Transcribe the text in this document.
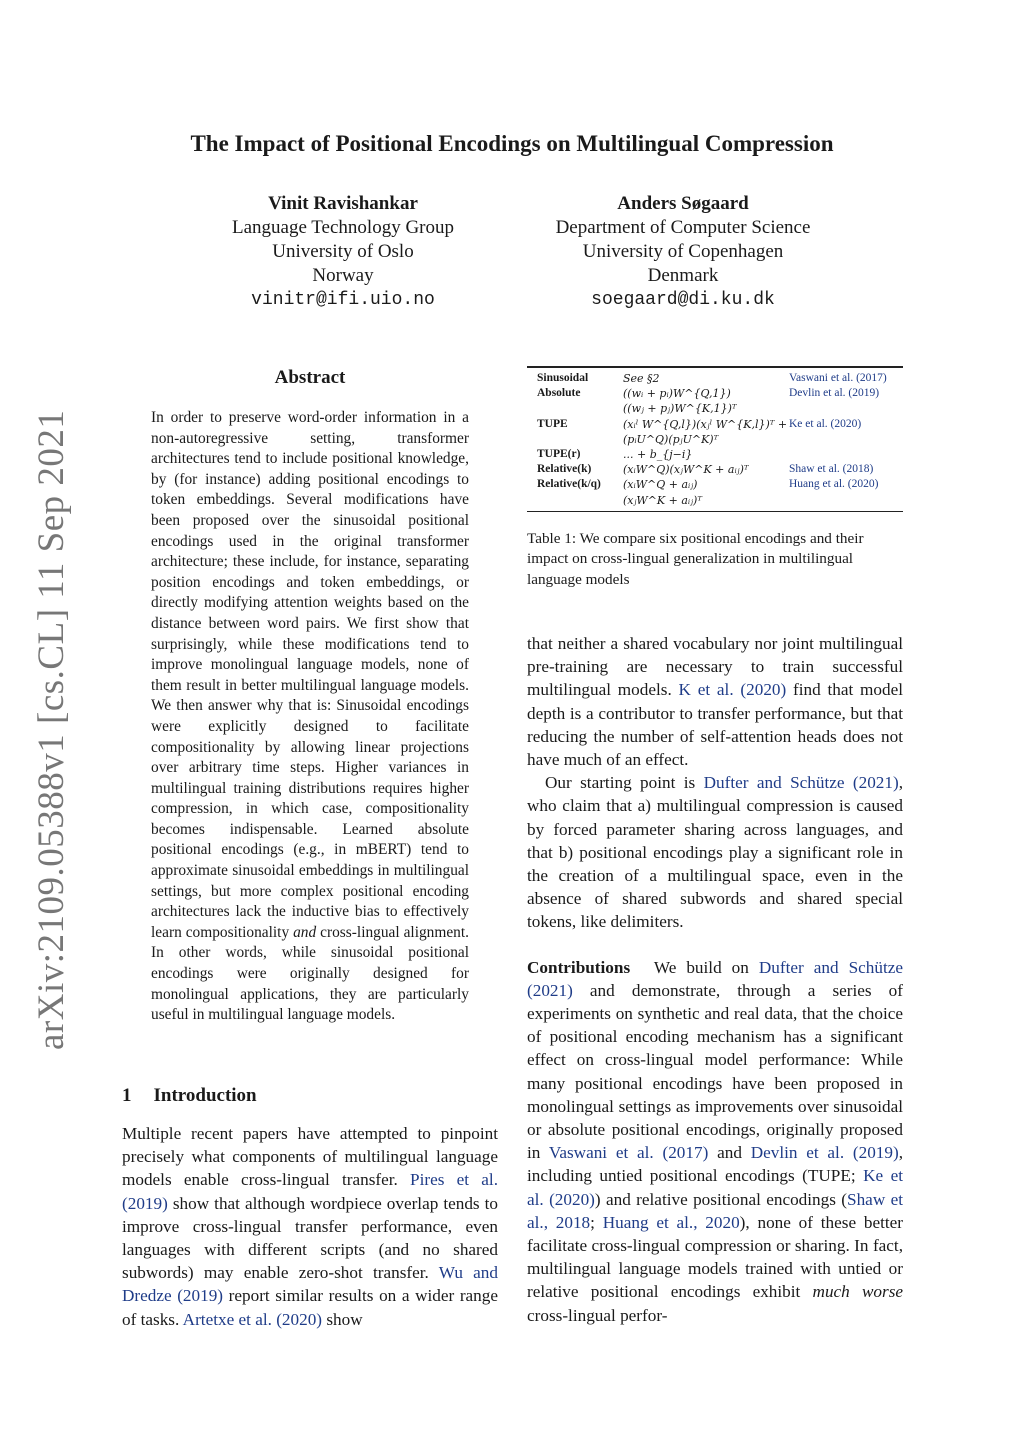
The Impact of Positional Encodings on Multilingual Compression
Vinit Ravishankar
Language Technology Group
University of Oslo
Norway
vinitr@ifi.uio.no
Anders Søgaard
Department of Computer Science
University of Copenhagen
Denmark
soegaard@di.ku.dk
arXiv:2109.05388v1 [cs.CL] 11 Sep 2021
Abstract
In order to preserve word-order information in a non-autoregressive setting, transformer architectures tend to include positional knowledge, by (for instance) adding positional encodings to token embeddings. Several modifications have been proposed over the sinusoidal positional encodings used in the original transformer architecture; these include, for instance, separating position encodings and token embeddings, or directly modifying attention weights based on the distance between word pairs. We first show that surprisingly, while these modifications tend to improve monolingual language models, none of them result in better multilingual language models. We then answer why that is: Sinusoidal encodings were explicitly designed to facilitate compositionality by allowing linear projections over arbitrary time steps. Higher variances in multilingual training distributions requires higher compression, in which case, compositionality becomes indispensable. Learned absolute positional encodings (e.g., in mBERT) tend to approximate sinusoidal embeddings in multilingual settings, but more complex positional encoding architectures lack the inductive bias to effectively learn compositionality and cross-lingual alignment. In other words, while sinusoidal positional encodings were originally designed for monolingual applications, they are particularly useful in multilingual language models.
1 Introduction
Multiple recent papers have attempted to pinpoint precisely what components of multilingual language models enable cross-lingual transfer. Pires et al. (2019) show that although wordpiece overlap tends to improve cross-lingual transfer performance, even languages with different scripts (and no shared subwords) may enable zero-shot transfer. Wu and Dredze (2019) report similar results on a wider range of tasks. Artetxe et al. (2020) show
Sinusoidal	See §2	Vaswani et al. (2017)
Absolute	((wᵢ + pᵢ)W^{Q,1})
((wⱼ + pⱼ)W^{K,1})ᵀ	Devlin et al. (2019)
TUPE	(xᵢˡ W^{Q,l})(xⱼˡ W^{K,l})ᵀ +
(pᵢU^Q)(pⱼU^K)ᵀ	Ke et al. (2020)
TUPE(r)	... + b_{j−i}	

Relative(k)	(xᵢW^Q)(xⱼW^K + aᵢⱼ)ᵀ	Shaw et al. (2018)
Relative(k/q)	(xᵢW^Q + aᵢⱼ)
(xⱼW^K + aᵢⱼ)ᵀ	Huang et al. (2020)
Table 1: We compare six positional encodings and their impact on cross-lingual generalization in multilingual language models

that neither a shared vocabulary nor joint multilingual pre-training are necessary to train successful multilingual models. K et al. (2020) find that model depth is a contributor to transfer performance, but that reducing the number of self-attention heads does not have much of an effect.

Our starting point is Dufter and Schütze (2021), who claim that a) multilingual compression is caused by forced parameter sharing across languages, and that b) positional encodings play a significant role in the creation of a multilingual space, even in the absence of shared subwords and shared special tokens, like delimiters.

Contributions We build on Dufter and Schütze (2021) and demonstrate, through a series of experiments on synthetic and real data, that the choice of positional encoding mechanism has a significant effect on cross-lingual model performance: While many positional encodings have been proposed in monolingual settings as improvements over sinusoidal or absolute positional encodings, originally proposed in Vaswani et al. (2017) and Devlin et al. (2019), including untied positional encodings (TUPE; Ke et al. (2020)) and relative positional encodings (Shaw et al., 2018; Huang et al., 2020), none of these better facilitate cross-lingual compression or sharing. In fact, multilingual language models trained with untied or relative positional encodings exhibit much worse cross-lingual perfor-
